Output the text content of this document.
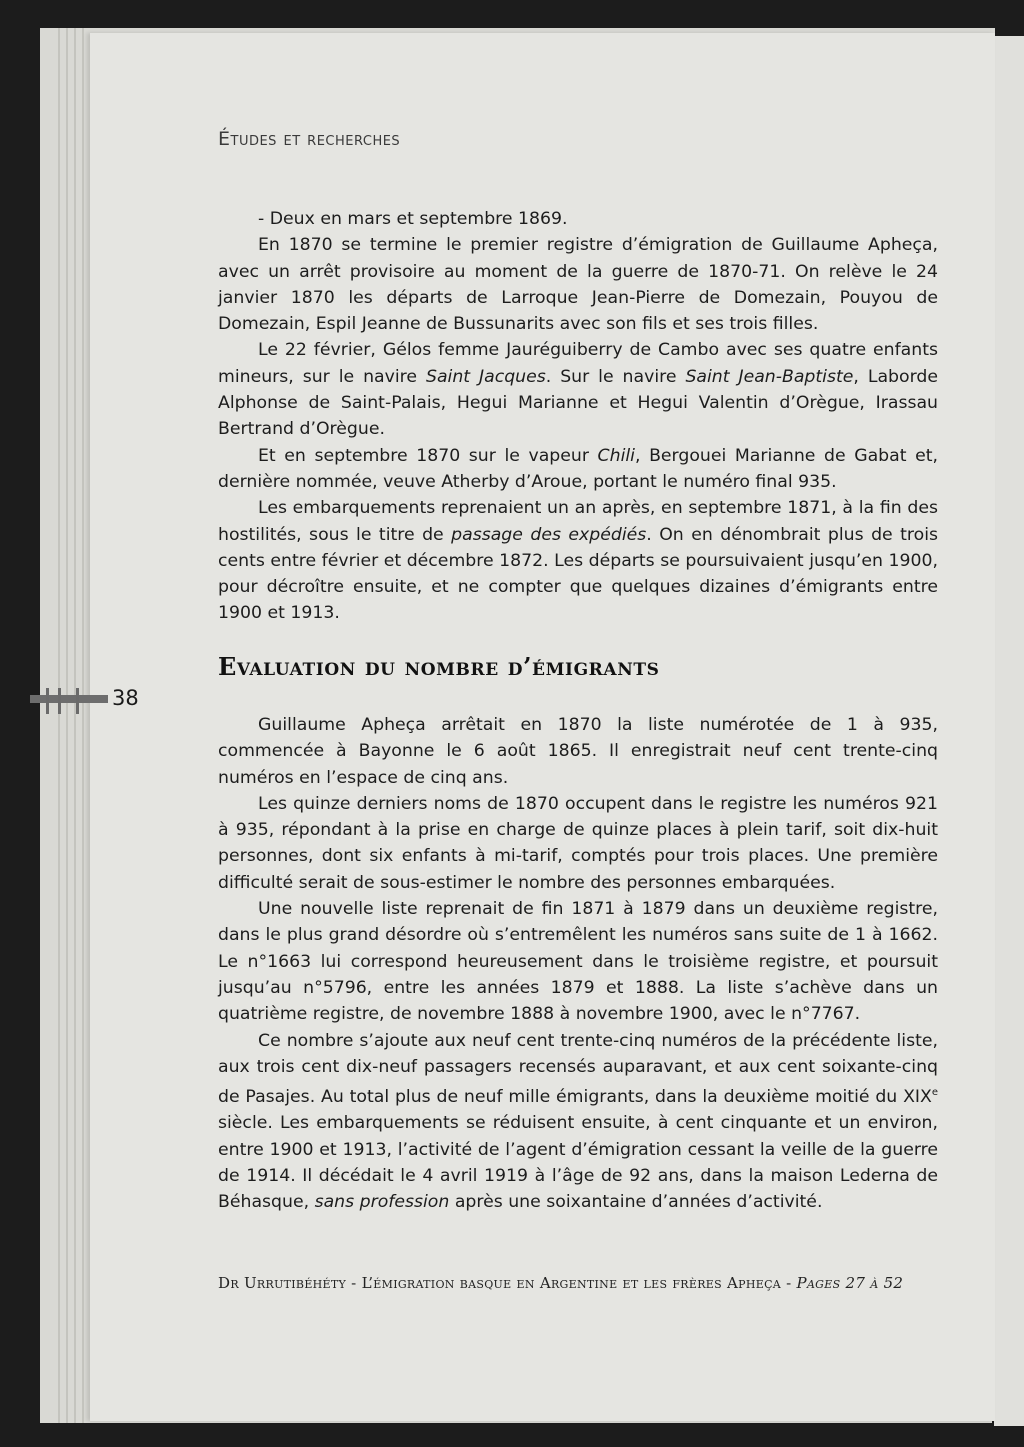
Études et recherches

- Deux en mars et septembre 1869.

En 1870 se termine le premier registre d’émigration de Guillaume Apheça, avec un arrêt provisoire au moment de la guerre de 1870-71. On relève le 24 janvier 1870 les départs de Larroque Jean-Pierre de Domezain, Pouyou de Domezain, Espil Jeanne de Bussunarits avec son fils et ses trois filles.

Le 22 février, Gélos femme Jauréguiberry de Cambo avec ses quatre enfants mineurs, sur le navire Saint Jacques. Sur le navire Saint Jean-Baptiste, Laborde Alphonse de Saint-Palais, Hegui Marianne et Hegui Valentin d’Orègue, Irassau Bertrand d’Orègue.

Et en septembre 1870 sur le vapeur Chili, Bergouei Marianne de Gabat et, dernière nommée, veuve Atherby d’Aroue, portant le numéro final 935.

Les embarquements reprenaient un an après, en septembre 1871, à la fin des hostilités, sous le titre de passage des expédiés. On en dénombrait plus de trois cents entre février et décembre 1872. Les départs se poursuivaient jusqu’en 1900, pour décroître ensuite, et ne compter que quelques dizaines d’émigrants entre 1900 et 1913.

Evaluation du nombre d’émigrants
38

Guillaume Apheça arrêtait en 1870 la liste numérotée de 1 à 935, commencée à Bayonne le 6 août 1865. Il enregistrait neuf cent trente-cinq numéros en l’espace de cinq ans.

Les quinze derniers noms de 1870 occupent dans le registre les numéros 921 à 935, répondant à la prise en charge de quinze places à plein tarif, soit dix-huit personnes, dont six enfants à mi-tarif, comptés pour trois places. Une première difficulté serait de sous-estimer le nombre des personnes embarquées.

Une nouvelle liste reprenait de fin 1871 à 1879 dans un deuxième registre, dans le plus grand désordre où s’entremêlent les numéros sans suite de 1 à 1662. Le n°1663 lui correspond heureusement dans le troisième registre, et poursuit jusqu’au n°5796, entre les années 1879 et 1888. La liste s’achève dans un quatrième registre, de novembre 1888 à novembre 1900, avec le n°7767.

Ce nombre s’ajoute aux neuf cent trente-cinq numéros de la précédente liste, aux trois cent dix-neuf passagers recensés auparavant, et aux cent soixante-cinq de Pasajes. Au total plus de neuf mille émigrants, dans la deuxième moitié du XIXe siècle. Les embarquements se réduisent ensuite, à cent cinquante et un environ, entre 1900 et 1913, l’activité de l’agent d’émigration cessant la veille de la guerre de 1914. Il décédait le 4 avril 1919 à l’âge de 92 ans, dans la maison Lederna de Béhasque, sans profession après une soixantaine d’années d’activité.

Dr Urrutibéhéty - L’émigration basque en Argentine et les frères Apheça - Pages 27 à 52
